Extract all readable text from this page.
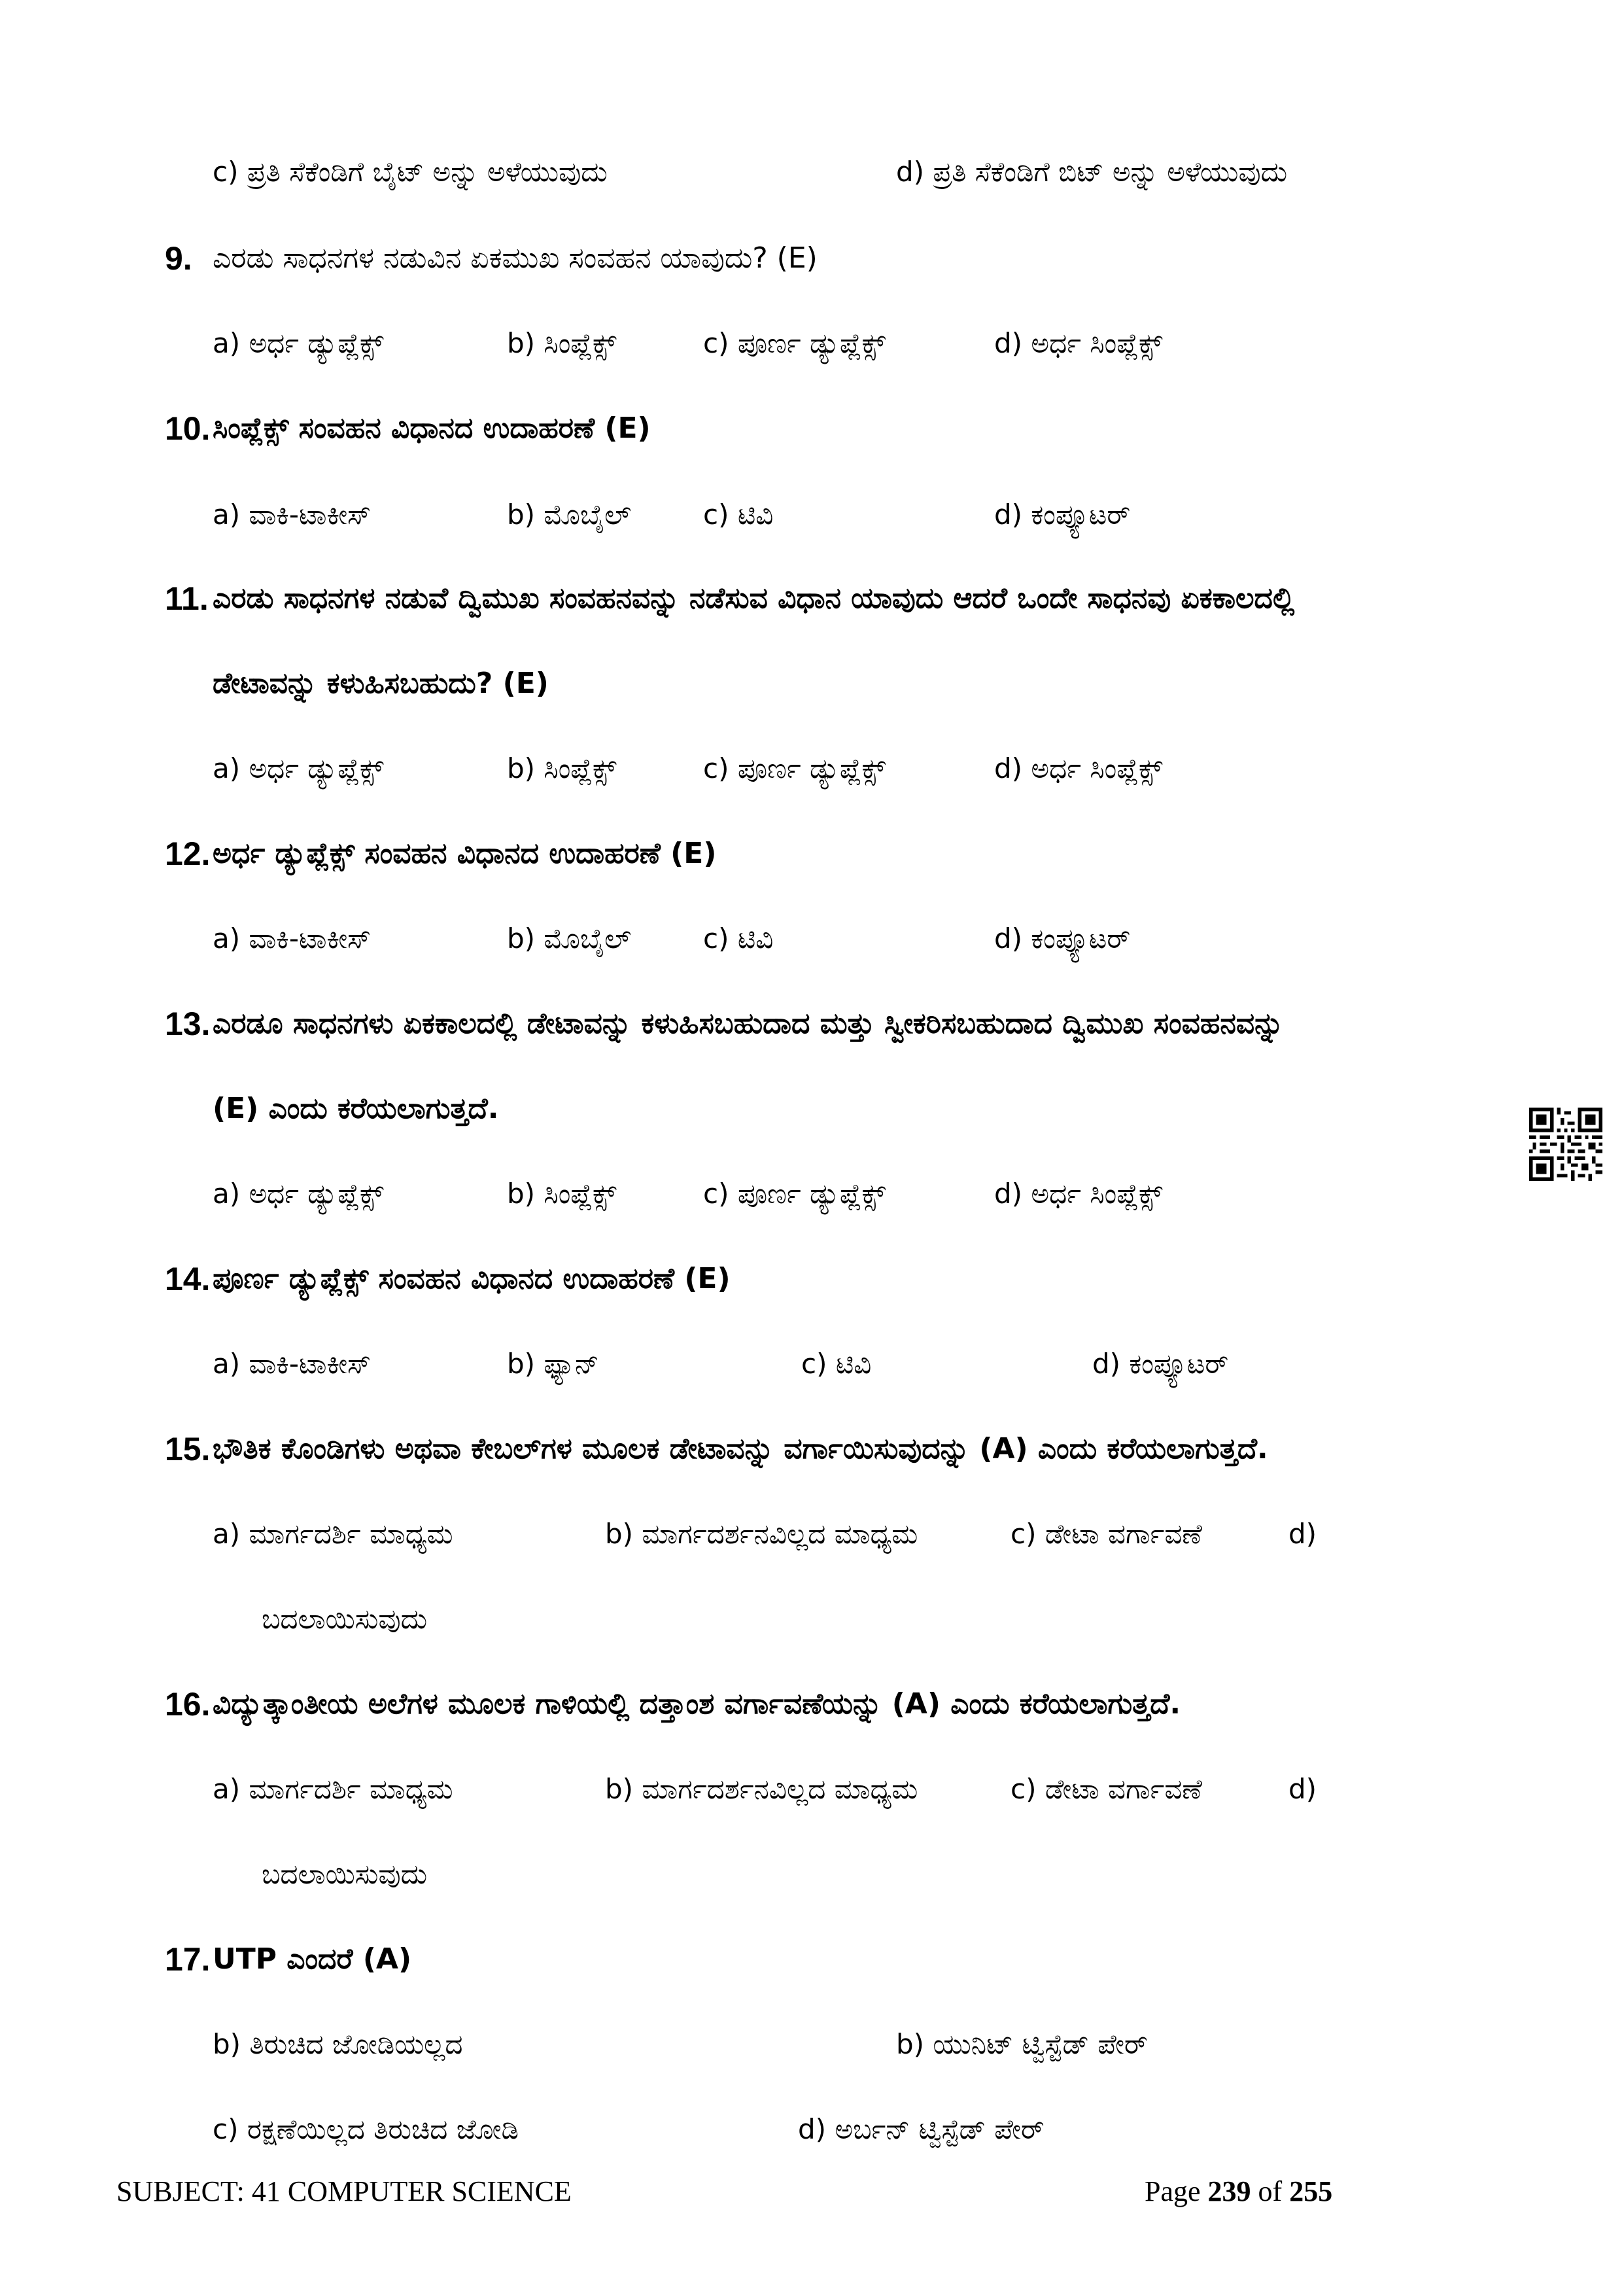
c) ಪ್ರತಿ ಸೆಕೆಂಡಿಗೆ ಬೈಟ್ ಅನ್ನು ಅಳೆಯುವುದು	d) ಪ್ರತಿ ಸೆಕೆಂಡಿಗೆ ಬಿಟ್ ಅನ್ನು ಅಳೆಯುವುದು
9. ಎರಡು ಸಾಧನಗಳ ನಡುವಿನ ಏಕಮುಖ ಸಂವಹನ ಯಾವುದು? (E)
a) ಅರ್ಧ ಡ್ಯುಪ್ಲೆಕ್ಸ್	b) ಸಿಂಪ್ಲೆಕ್ಸ್	c) ಪೂರ್ಣ ಡ್ಯುಪ್ಲೆಕ್ಸ್	d) ಅರ್ಧ ಸಿಂಪ್ಲೆಕ್ಸ್
10. ಸಿಂಪ್ಲೆಕ್ಸ್ ಸಂವಹನ ವಿಧಾನದ ಉದಾಹರಣೆ (E)
a) ವಾಕಿ-ಟಾಕೀಸ್	b) ಮೊಬೈಲ್	c) ಟಿವಿ	d) ಕಂಪ್ಯೂಟರ್
11. ಎರಡು ಸಾಧನಗಳ ನಡುವೆ ದ್ವಿಮುಖ ಸಂವಹನವನ್ನು ನಡೆಸುವ ವಿಧಾನ ಯಾವುದು ಆದರೆ ಒಂದೇ ಸಾಧನವು ಏಕಕಾಲದಲ್ಲಿ
ಡೇಟಾವನ್ನು ಕಳುಹಿಸಬಹುದು? (E)
a) ಅರ್ಧ ಡ್ಯುಪ್ಲೆಕ್ಸ್	b) ಸಿಂಪ್ಲೆಕ್ಸ್	c) ಪೂರ್ಣ ಡ್ಯುಪ್ಲೆಕ್ಸ್	d) ಅರ್ಧ ಸಿಂಪ್ಲೆಕ್ಸ್
12. ಅರ್ಧ ಡ್ಯುಪ್ಲೆಕ್ಸ್ ಸಂವಹನ ವಿಧಾನದ ಉದಾಹರಣೆ (E)
a) ವಾಕಿ-ಟಾಕೀಸ್	b) ಮೊಬೈಲ್	c) ಟಿವಿ	d) ಕಂಪ್ಯೂಟರ್
13. ಎರಡೂ ಸಾಧನಗಳು ಏಕಕಾಲದಲ್ಲಿ ಡೇಟಾವನ್ನು ಕಳುಹಿಸಬಹುದಾದ ಮತ್ತು ಸ್ವೀಕರಿಸಬಹುದಾದ ದ್ವಿಮುಖ ಸಂವಹನವನ್ನು
(E) ಎಂದು ಕರೆಯಲಾಗುತ್ತದೆ.
a) ಅರ್ಧ ಡ್ಯುಪ್ಲೆಕ್ಸ್	b) ಸಿಂಪ್ಲೆಕ್ಸ್	c) ಪೂರ್ಣ ಡ್ಯುಪ್ಲೆಕ್ಸ್	d) ಅರ್ಧ ಸಿಂಪ್ಲೆಕ್ಸ್
14. ಪೂರ್ಣ ಡ್ಯುಪ್ಲೆಕ್ಸ್ ಸಂವಹನ ವಿಧಾನದ ಉದಾಹರಣೆ (E)
a) ವಾಕಿ-ಟಾಕೀಸ್	b) ಫ್ಯಾನ್	c) ಟಿವಿ	d) ಕಂಪ್ಯೂಟರ್
15. ಭೌತಿಕ ಕೊಂಡಿಗಳು ಅಥವಾ ಕೇಬಲ್‌ಗಳ ಮೂಲಕ ಡೇಟಾವನ್ನು ವರ್ಗಾಯಿಸುವುದನ್ನು (A) ಎಂದು ಕರೆಯಲಾಗುತ್ತದೆ.
a) ಮಾರ್ಗದರ್ಶಿ ಮಾಧ್ಯಮ	b) ಮಾರ್ಗದರ್ಶನವಿಲ್ಲದ ಮಾಧ್ಯಮ	c) ಡೇಟಾ ವರ್ಗಾವಣೆ	d)
ಬದಲಾಯಿಸುವುದು
16. ವಿದ್ಯುತ್ಕಾಂತೀಯ ಅಲೆಗಳ ಮೂಲಕ ಗಾಳಿಯಲ್ಲಿ ದತ್ತಾಂಶ ವರ್ಗಾವಣೆಯನ್ನು (A) ಎಂದು ಕರೆಯಲಾಗುತ್ತದೆ.
a) ಮಾರ್ಗದರ್ಶಿ ಮಾಧ್ಯಮ	b) ಮಾರ್ಗದರ್ಶನವಿಲ್ಲದ ಮಾಧ್ಯಮ	c) ಡೇಟಾ ವರ್ಗಾವಣೆ	d)
ಬದಲಾಯಿಸುವುದು
17. UTP ಎಂದರೆ (A)
b) ತಿರುಚಿದ ಜೋಡಿಯಲ್ಲದ	b) ಯುನಿಟ್ ಟ್ವಿಸ್ಟೆಡ್ ಪೇರ್
c) ರಕ್ಷಣೆಯಿಲ್ಲದ ತಿರುಚಿದ ಜೋಡಿ	d) ಅರ್ಬನ್ ಟ್ವಿಸ್ಟೆಡ್ ಪೇರ್
SUBJECT: 41 COMPUTER SCIENCE	Page 239 of 255
